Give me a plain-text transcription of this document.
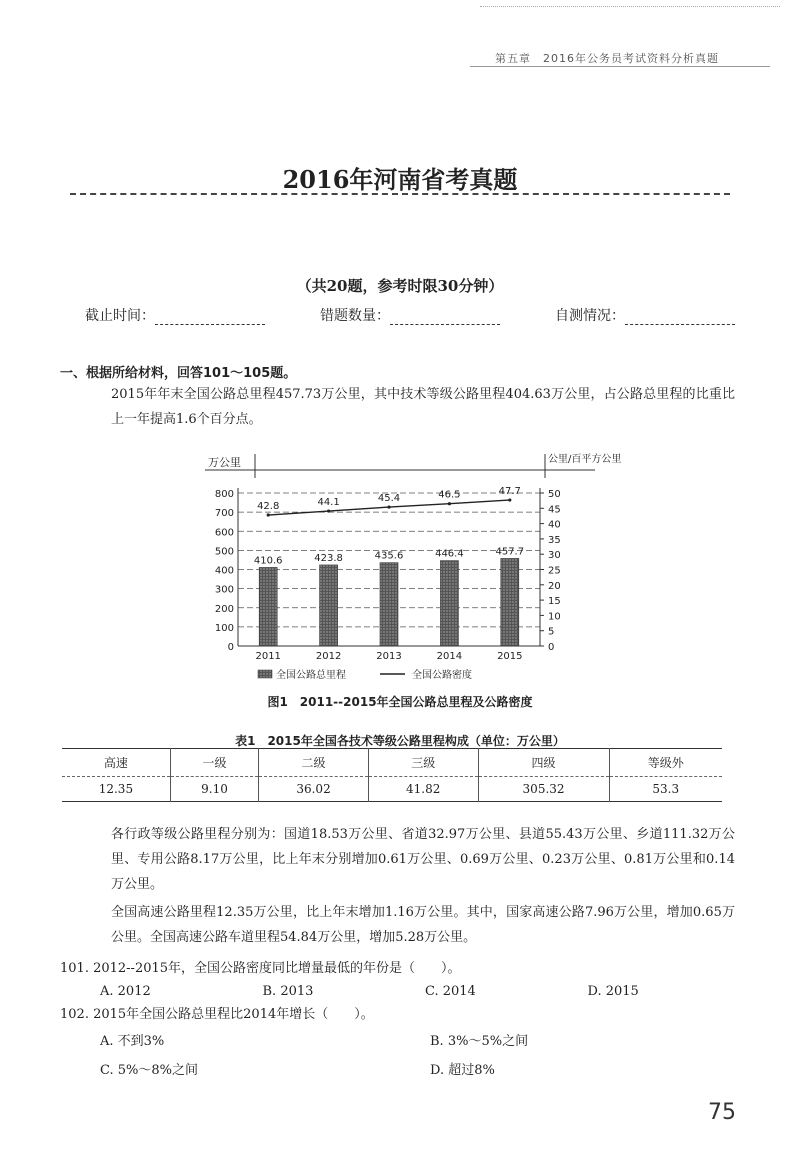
第五章　2016年公务员考试资料分析真题
2016年河南省考真题
（共20题，参考时限30分钟）
截止时间：	错题数量：	自测情况：
一、根据所给材料，回答101～105题。
2015年年末全国公路总里程457.73万公里，其中技术等级公路里程404.63万公里，占公路总里程的比重比上一年提高1.6个百分点。
万公里	公里/百平方公里
0
100
200
300
400
500
600
700
800
0
5
10
15
20
25
30
35
40
45
50
410.6
2011
42.8
423.8
2012
44.1
435.6
2013
45.4
446.4
2014
46.5
457.7
2015
47.7
全国公路总里程	全国公路密度
图1　2011--2015年全国公路总里程及公路密度
表1　2015年全国各技术等级公路里程构成（单位：万公里）
高速	一级	二级	三级	四级	等级外
12.35	9.10	36.02	41.82	305.32	53.3
各行政等级公路里程分别为：国道18.53万公里、省道32.97万公里、县道55.43万公里、乡道111.32万公里、专用公路8.17万公里，比上年末分别增加0.61万公里、0.69万公里、0.23万公里、0.81万公里和0.14万公里。
全国高速公路里程12.35万公里，比上年末增加1.16万公里。其中，国家高速公路7.96万公里，增加0.65万公里。全国高速公路车道里程54.84万公里，增加5.28万公里。
101. 2012--2015年，全国公路密度同比增量最低的年份是（　　）。
A. 2012	B. 2013	C. 2014	D. 2015
102. 2015年全国公路总里程比2014年增长（　　）。
A. 不到3%	B. 3%～5%之间
C. 5%～8%之间	D. 超过8%
75
